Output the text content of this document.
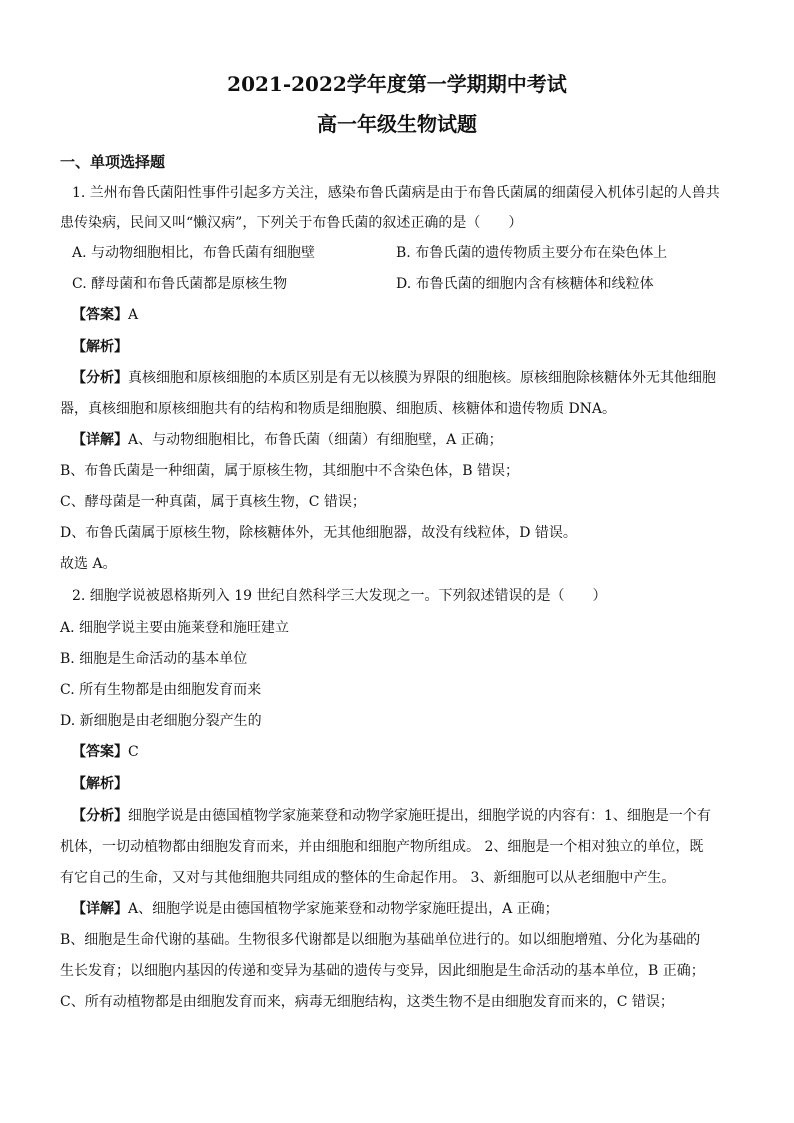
2021-2022学年度第一学期期中考试
高一年级生物试题
一、单项选择题
1. 兰州布鲁氏菌阳性事件引起多方关注，感染布鲁氏菌病是由于布鲁氏菌属的细菌侵入机体引起的人兽共
患传染病，民间又叫“懒汉病”，下列关于布鲁氏菌的叙述正确的是（　　）
A. 与动物细胞相比，布鲁氏菌有细胞壁	B. 布鲁氏菌的遗传物质主要分布在染色体上
C. 酵母菌和布鲁氏菌都是原核生物	D. 布鲁氏菌的细胞内含有核糖体和线粒体
【答案】A
【解析】
【分析】真核细胞和原核细胞的本质区别是有无以核膜为界限的细胞核。原核细胞除核糖体外无其他细胞
器，真核细胞和原核细胞共有的结构和物质是细胞膜、细胞质、核糖体和遗传物质 DNA。
【详解】A、与动物细胞相比，布鲁氏菌（细菌）有细胞壁，A 正确；
B、布鲁氏菌是一种细菌，属于原核生物，其细胞中不含染色体，B 错误；
C、酵母菌是一种真菌，属于真核生物，C 错误；
D、布鲁氏菌属于原核生物，除核糖体外，无其他细胞器，故没有线粒体，D 错误。
故选 A。
2. 细胞学说被恩格斯列入 19 世纪自然科学三大发现之一。下列叙述错误的是（　　）
A. 细胞学说主要由施莱登和施旺建立
B. 细胞是生命活动的基本单位
C. 所有生物都是由细胞发育而来
D. 新细胞是由老细胞分裂产生的
【答案】C
【解析】
【分析】细胞学说是由德国植物学家施莱登和动物学家施旺提出，细胞学说的内容有：1、细胞是一个有
机体，一切动植物都由细胞发育而来，并由细胞和细胞产物所组成。 2、细胞是一个相对独立的单位，既
有它自己的生命，又对与其他细胞共同组成的整体的生命起作用。 3、新细胞可以从老细胞中产生。
【详解】A、细胞学说是由德国植物学家施莱登和动物学家施旺提出，A 正确；
B、细胞是生命代谢的基础。生物很多代谢都是以细胞为基础单位进行的。如以细胞增殖、分化为基础的
生长发育；以细胞内基因的传递和变异为基础的遗传与变异，因此细胞是生命活动的基本单位，B 正确；
C、所有动植物都是由细胞发育而来，病毒无细胞结构，这类生物不是由细胞发育而来的，C 错误；
